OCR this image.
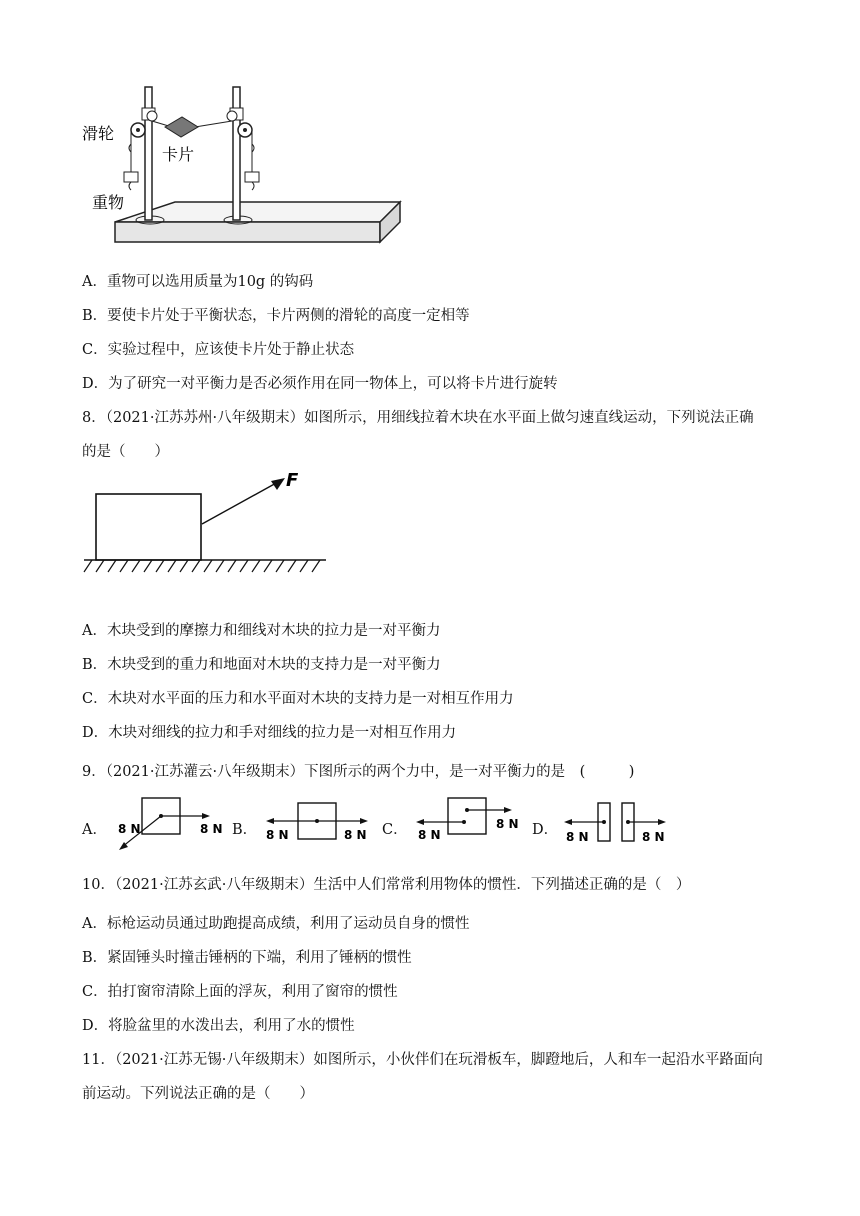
滑轮
卡片
重物
A．重物可以选用质量为10g 的钩码
B．要使卡片处于平衡状态，卡片两侧的滑轮的高度一定相等
C．实验过程中，应该使卡片处于静止状态
D．为了研究一对平衡力是否必须作用在同一物体上，可以将卡片进行旋转
8．（2021·江苏苏州·八年级期末）如图所示，用细线拉着木块在水平面上做匀速直线运动，下列说法正确
的是（　　）
F
A．木块受到的摩擦力和细线对木块的拉力是一对平衡力
B．木块受到的重力和地面对木块的支持力是一对平衡力
C．木块对水平面的压力和水平面对木块的支持力是一对相互作用力
D．木块对细线的拉力和手对细线的拉力是一对相互作用力
9．（2021·江苏灌云·八年级期末）下图所示的两个力中，是一对平衡力的是　(　　　)
A．	B．	C．	D．
8 N	8 N	8 N	8 N	8 N
8 N
8 N	8 N
10．（2021·江苏玄武·八年级期末）生活中人们常常利用物体的惯性．下列描述正确的是（　）
A．标枪运动员通过助跑提高成绩，利用了运动员自身的惯性
B．紧固锤头时撞击锤柄的下端，利用了锤柄的惯性
C．拍打窗帘清除上面的浮灰，利用了窗帘的惯性
D．将脸盆里的水泼出去，利用了水的惯性
11．（2021·江苏无锡·八年级期末）如图所示，小伙伴们在玩滑板车，脚蹬地后，人和车一起沿水平路面向
前运动。下列说法正确的是（　　）
